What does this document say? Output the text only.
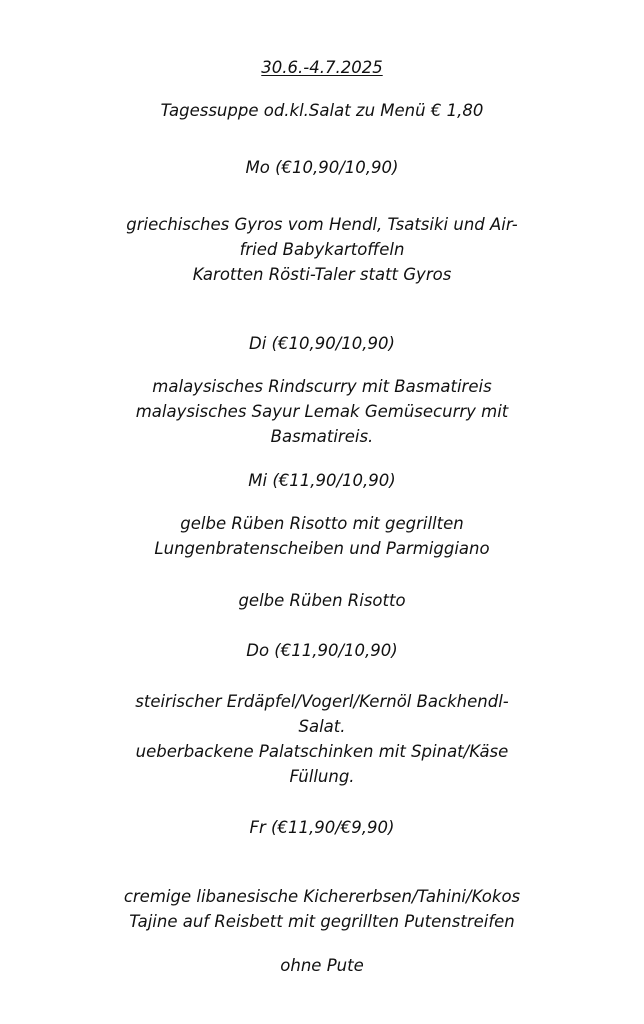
30.6.-4.7.2025
Tagessuppe od.kl.Salat zu Menü € 1,80
Mo (€10,90/10,90)
griechisches Gyros vom Hendl, Tsatsiki und Air-
fried Babykartoffeln
Karotten Rösti-Taler statt Gyros
Di (€10,90/10,90)
malaysisches Rindscurry mit Basmatireis
malaysisches Sayur Lemak Gemüsecurry mit
Basmatireis.
Mi (€11,90/10,90)
gelbe Rüben Risotto mit gegrillten
Lungenbratenscheiben und Parmiggiano
gelbe Rüben Risotto
Do (€11,90/10,90)
steirischer Erdäpfel/Vogerl/Kernöl Backhendl-
Salat.
ueberbackene Palatschinken mit Spinat/Käse
Füllung.
Fr (€11,90/€9,90)
cremige libanesische Kichererbsen/Tahini/Kokos
Tajine auf Reisbett mit gegrillten Putenstreifen
ohne Pute
